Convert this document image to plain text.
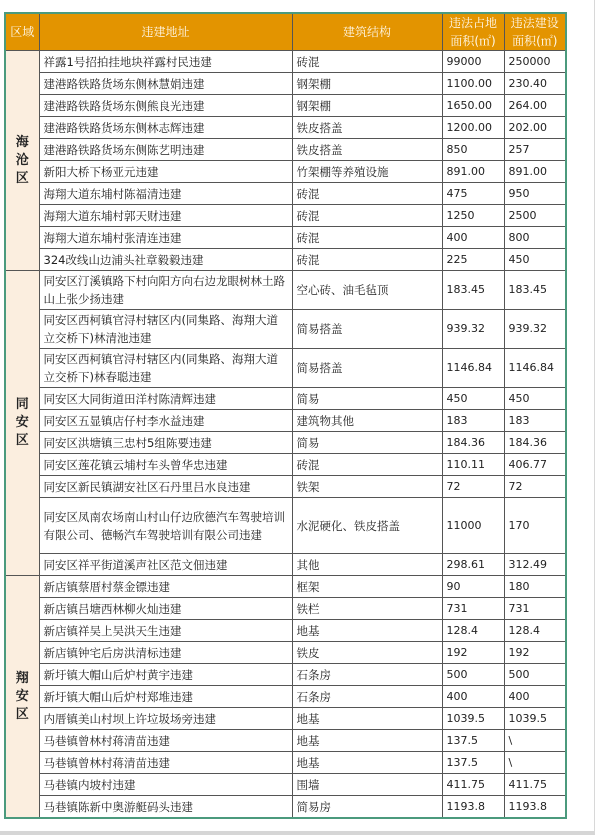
区域	违建地址	建筑结构	违法占地面积(㎡)	违法建设面积(㎡)
海沧区	祥露1号招拍挂地块祥露村民违建	砖混	99000	250000
	建港路铁路货场东侧林慧娟违建	钢架棚	1100.00	230.40
	建港路铁路货场东侧熊良光违建	钢架棚	1650.00	264.00
	建港路铁路货场东侧林志辉违建	铁皮搭盖	1200.00	202.00
	建港路铁路货场东侧陈艺明违建	铁皮搭盖	850	257
	新阳大桥下杨亚元违建	竹架棚等养殖设施	891.00	891.00
	海翔大道东埔村陈福清违建	砖混	475	950
	海翔大道东埔村郭天财违建	砖混	1250	2500
	海翔大道东埔村张清连违建	砖混	400	800
	324改线山边浦头社章毅毅违建	砖混	225	450
同安区	同安区汀溪镇路下村向阳方向右边龙眼树林土路山上张少扬违建	空心砖、油毛毡顶	183.45	183.45
	同安区西柯镇官浔村辖区内(同集路、海翔大道立交桥下)林清池违建	简易搭盖	939.32	939.32
	同安区西柯镇官浔村辖区内(同集路、海翔大道立交桥下)林春聪违建	简易搭盖	1146.84	1146.84
	同安区大同街道田洋村陈清辉违建	简易	450	450
	同安区五显镇店仔村李水益违建	建筑物其他	183	183
	同安区洪塘镇三忠村5组陈要违建	简易	184.36	184.36
	同安区莲花镇云埔村车头曾华忠违建	砖混	110.11	406.77
	同安区新民镇湖安社区石丹里吕水良违建	铁架	72	72
	同安区凤南农场南山村山仔边欣德汽车驾驶培训有限公司、德畅汽车驾驶培训有限公司违建	水泥硬化、铁皮搭盖	11000	170
	同安区祥平街道溪声社区范文佃违建	其他	298.61	312.49
翔安区	新店镇蔡厝村蔡金镖违建	框架	90	180
	新店镇吕塘西林柳火灿违建	铁栏	731	731
	新店镇祥吴上吴洪天生违建	地基	128.4	128.4
	新店镇钟宅后房洪清标违建	铁皮	192	192
	新圩镇大帽山后炉村黄宇违建	石条房	500	500
	新圩镇大帽山后炉村郑堆违建	石条房	400	400
	内厝镇美山村坝上许垃圾场旁违建	地基	1039.5	1039.5
	马巷镇曾林村蒋清苗违建	地基	137.5	\
	马巷镇曾林村蒋清苗违建	地基	137.5	\
	马巷镇内坡村违建	围墙	411.75	411.75
	马巷镇陈新中奥游艇码头违建	简易房	1193.8	1193.8
